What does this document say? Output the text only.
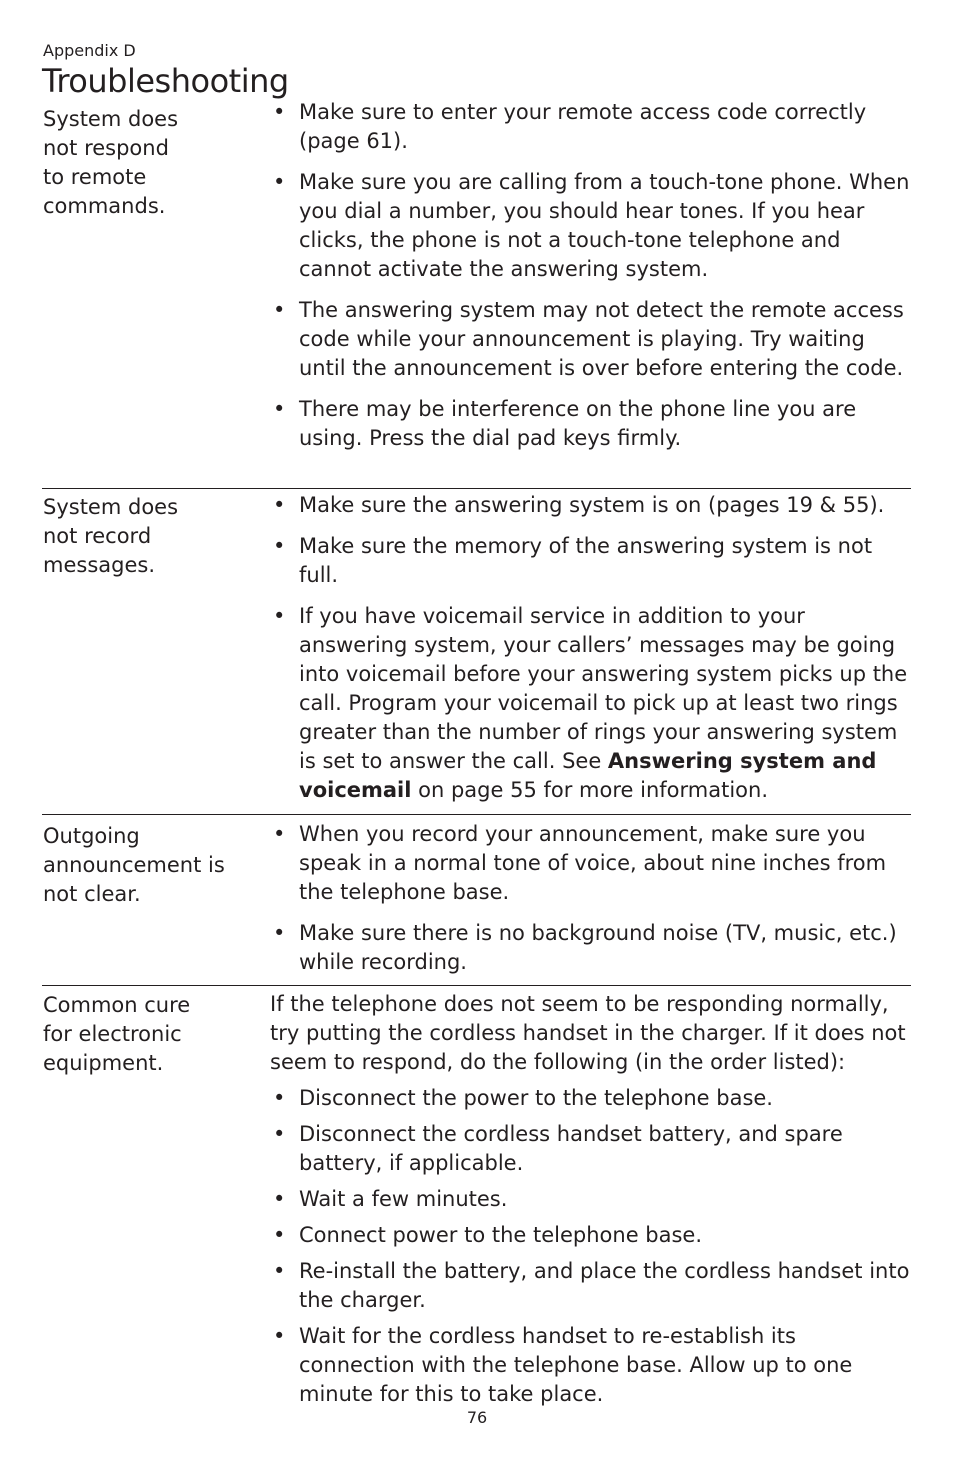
Appendix D
Troubleshooting
System does
not respond
to remote
commands.
• Make sure to enter your remote access code correctly (page 61).
• Make sure you are calling from a touch-tone phone. When you dial a number, you should hear tones. If you hear clicks, the phone is not a touch-tone telephone and cannot activate the answering system.
• The answering system may not detect the remote access code while your announcement is playing. Try waiting until the announcement is over before entering the code.
• There may be interference on the phone line you are using. Press the dial pad keys firmly.
System does
not record
messages.
• Make sure the answering system is on (pages 19 & 55).
• Make sure the memory of the answering system is not full.
• If you have voicemail service in addition to your answering system, your callers’ messages may be going into voicemail before your answering system picks up the call. Program your voicemail to pick up at least two rings greater than the number of rings your answering system is set to answer the call. See Answering system and voicemail on page 55 for more information.
Outgoing
announcement is
not clear.
• When you record your announcement, make sure you speak in a normal tone of voice, about nine inches from the telephone base.
• Make sure there is no background noise (TV, music, etc.) while recording.
Common cure
for electronic
equipment.

If the telephone does not seem to be responding normally, try putting the cordless handset in the charger. If it does not seem to respond, do the following (in the order listed):

• Disconnect the power to the telephone base.
• Disconnect the cordless handset battery, and spare battery, if applicable.
• Wait a few minutes.
• Connect power to the telephone base.
• Re-install the battery, and place the cordless handset into the charger.
• Wait for the cordless handset to re-establish its connection with the telephone base. Allow up to one minute for this to take place.
76
